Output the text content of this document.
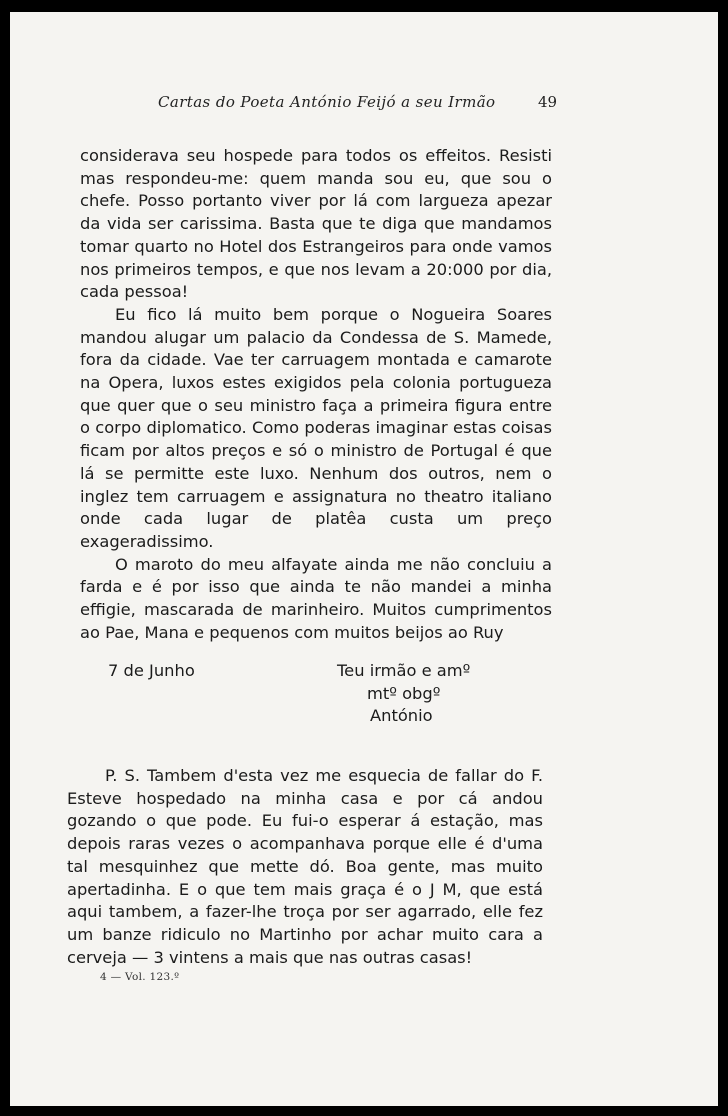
Cartas do Poeta António Feijó a seu Irmão	49

considerava seu hospede para todos os effeitos. Resisti mas respondeu-me: quem manda sou eu, que sou o chefe. Posso portanto viver por lá com largueza apezar da vida ser carissima. Basta que te diga que mandamos tomar quarto no Hotel dos Estrangeiros para onde vamos nos primeiros tempos, e que nos levam a 20:000 por dia, cada pessoa!

Eu fico lá muito bem porque o Nogueira Soares mandou alugar um palacio da Condessa de S. Mamede, fora da cidade. Vae ter carruagem montada e camarote na Opera, luxos estes exigidos pela colonia portugueza que quer que o seu ministro faça a primeira figura entre o corpo diplomatico. Como poderas imaginar estas coisas ficam por altos preços e só o ministro de Portugal é que lá se permitte este luxo. Nenhum dos outros, nem o inglez tem carruagem e assignatura no theatro italiano onde cada lugar de platêa custa um preço exageradissimo.

O maroto do meu alfayate ainda me não concluiu a farda e é por isso que ainda te não mandei a minha effigie, mascarada de marinheiro. Muitos cumprimentos ao Pae, Mana e pequenos com muitos beijos ao Ruy

7 de Junho	Teu irmão e amº
mtº obgº
António

P. S. Tambem d'esta vez me esquecia de fallar do F. Esteve hospedado na minha casa e por cá andou gozando o que pode. Eu fui-o esperar á estação, mas depois raras vezes o acompanhava porque elle é d'uma tal mesquinhez que mette dó. Boa gente, mas muito apertadinha. E o que tem mais graça é o J M, que está aqui tambem, a fazer-lhe troça por ser agarrado, elle fez um banze ridiculo no Martinho por achar muito cara a cerveja — 3 vintens a mais que nas outras casas!

4 — Vol. 123.º
